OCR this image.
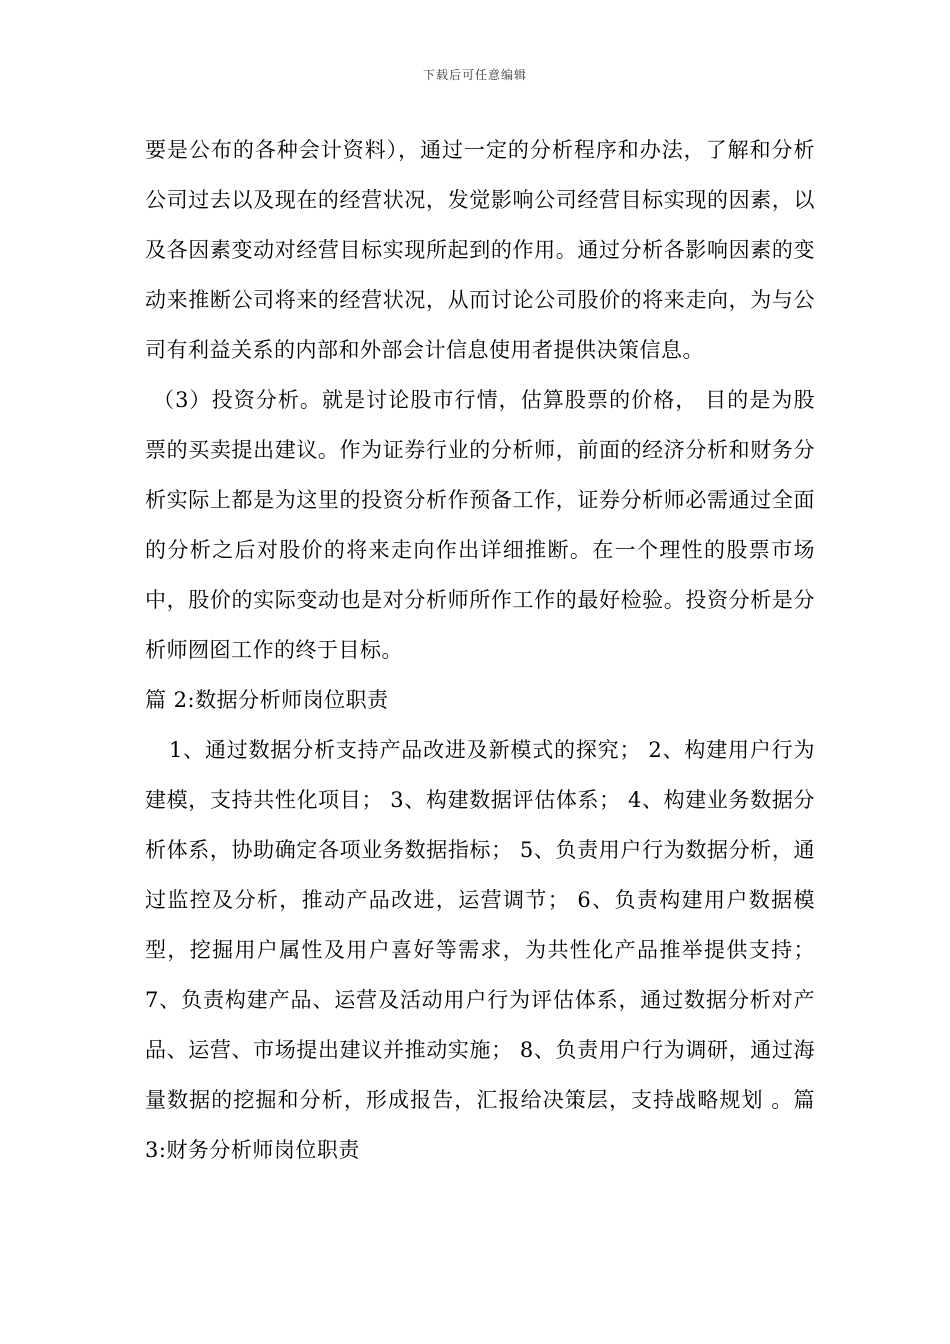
下载后可任意编辑

要是公布的各种会计资料），通过一定的分析程序和办法，了解和分析公司过去以及现在的经营状况，发觉影响公司经营目标实现的因素，以及各因素变动对经营目标实现所起到的作用。通过分析各影响因素的变动来推断公司将来的经营状况，从而讨论公司股价的将来走向，为与公司有利益关系的内部和外部会计信息使用者提供决策信息。

（3）投资分析。就是讨论股市行情，估算股票的价格， 目的是为股票的买卖提出建议。作为证券行业的分析师，前面的经济分析和财务分析实际上都是为这里的投资分析作预备工作，证券分析师必需通过全面的分析之后对股价的将来走向作出详细推断。在一个理性的股票市场中，股价的实际变动也是对分析师所作工作的最好检验。投资分析是分析师囫囵工作的终于目标。

篇 2:数据分析师岗位职责

1、通过数据分析支持产品改进及新模式的探究； 2、构建用户行为建模，支持共性化项目； 3、构建数据评估体系； 4、构建业务数据分析体系，协助确定各项业务数据指标； 5、负责用户行为数据分析，通过监控及分析，推动产品改进，运营调节； 6、负责构建用户数据模型，挖掘用户属性及用户喜好等需求，为共性化产品推举提供支持； 7、负责构建产品、运营及活动用户行为评估体系，通过数据分析对产品、运营、市场提出建议并推动实施； 8、负责用户行为调研，通过海量数据的挖掘和分析，形成报告，汇报给决策层，支持战略规划 。篇 3:财务分析师岗位职责
